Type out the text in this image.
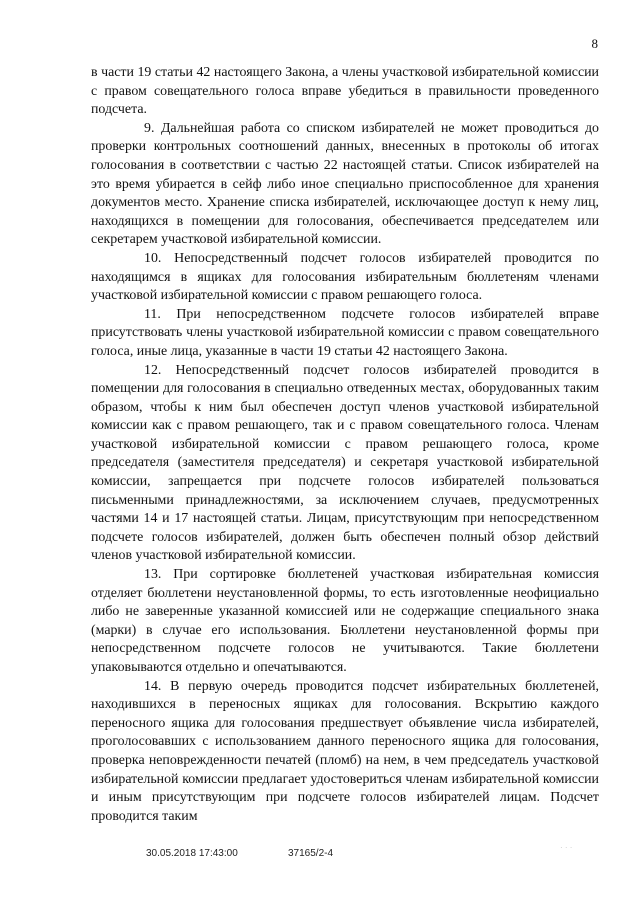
8

в части 19 статьи 42 настоящего Закона, а члены участковой избирательной комиссии с правом совещательного голоса вправе убедиться в правильности проведенного подсчета.

9. Дальнейшая работа со списком избирателей не может проводиться до проверки контрольных соотношений данных, внесенных в протоколы об итогах голосования в соответствии с частью 22 настоящей статьи. Список избирателей на это время убирается в сейф либо иное специально приспособленное для хранения документов место. Хранение списка избирателей, исключающее доступ к нему лиц, находящихся в помещении для голосования, обеспечивается председателем или секретарем участковой избирательной комиссии.

10. Непосредственный подсчет голосов избирателей проводится по находящимся в ящиках для голосования избирательным бюллетеням членами участковой избирательной комиссии с правом решающего голоса.

11. При непосредственном подсчете голосов избирателей вправе присутствовать члены участковой избирательной комиссии с правом совещательного голоса, иные лица, указанные в части 19 статьи 42 настоящего Закона.

12. Непосредственный подсчет голосов избирателей проводится в помещении для голосования в специально отведенных местах, оборудованных таким образом, чтобы к ним был обеспечен доступ членов участковой избирательной комиссии как с правом решающего, так и с правом совещательного голоса. Членам участковой избирательной комиссии с правом решающего голоса, кроме председателя (заместителя председателя) и секретаря участковой избирательной комиссии, запрещается при подсчете голосов избирателей пользоваться письменными принадлежностями, за исключением случаев, предусмотренных частями 14 и 17 настоящей статьи. Лицам, присутствующим при непосредственном подсчете голосов избирателей, должен быть обеспечен полный обзор действий членов участковой избирательной комиссии.

13. При сортировке бюллетеней участковая избирательная комиссия отделяет бюллетени неустановленной формы, то есть изготовленные неофициально либо не заверенные указанной комиссией или не содержащие специального знака (марки) в случае его использования. Бюллетени неустановленной формы при непосредственном подсчете голосов не учитываются. Такие бюллетени упаковываются отдельно и опечатываются.

14. В первую очередь проводится подсчет избирательных бюллетеней, находившихся в переносных ящиках для голосования. Вскрытию каждого переносного ящика для голосования предшествует объявление числа избирателей, проголосовавших с использованием данного переносного ящика для голосования, проверка неповрежденности печатей (пломб) на нем, в чем председатель участковой избирательной комиссии предлагает удостовериться членам избирательной комиссии и иным присутствующим при подсчете голосов избирателей лицам. Подсчет проводится таким

30.05.2018 17:43:00	37165/2-4
· · ·
